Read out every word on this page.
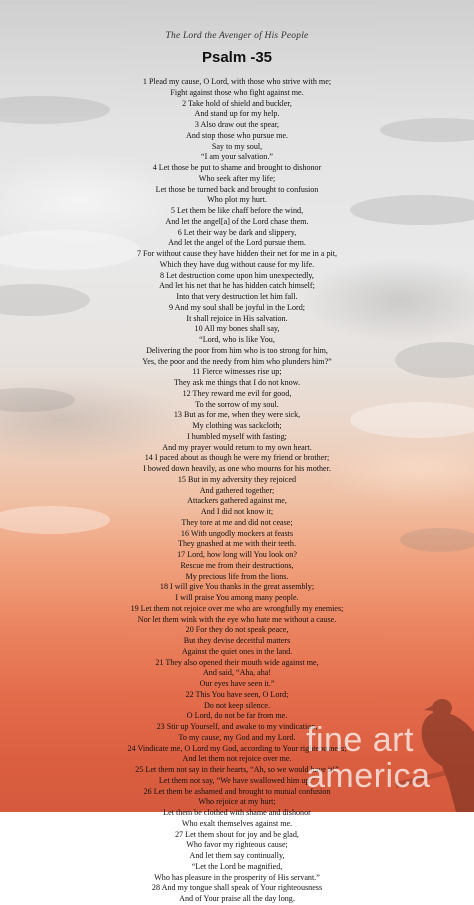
The Lord the Avenger of His People
Psalm -35
1 Plead my cause, O Lord, with those who strive with me;
Fight against those who fight against me.
2 Take hold of shield and buckler,
And stand up for my help.
3 Also draw out the spear,
And stop those who pursue me.
Say to my soul,
“I am your salvation.”
4 Let those be put to shame and brought to dishonor
Who seek after my life;
Let those be turned back and brought to confusion
Who plot my hurt.
5 Let them be like chaff before the wind,
And let the angel[a] of the Lord chase them.
6 Let their way be dark and slippery,
And let the angel of the Lord pursue them.
7 For without cause they have hidden their net for me in a pit,
Which they have dug without cause for my life.
8 Let destruction come upon him unexpectedly,
And let his net that he has hidden catch himself;
Into that very destruction let him fall.
9 And my soul shall be joyful in the Lord;
It shall rejoice in His salvation.
10 All my bones shall say,
“Lord, who is like You,
Delivering the poor from him who is too strong for him,
Yes, the poor and the needy from him who plunders him?”
11 Fierce witnesses rise up;
They ask me things that I do not know.
12 They reward me evil for good,
To the sorrow of my soul.
13 But as for me, when they were sick,
My clothing was sackcloth;
I humbled myself with fasting;
And my prayer would return to my own heart.
14 I paced about as though he were my friend or brother;
I bowed down heavily, as one who mourns for his mother.
15 But in my adversity they rejoiced
And gathered together;
Attackers gathered against me,
And I did not know it;
They tore at me and did not cease;
16 With ungodly mockers at feasts
They gnashed at me with their teeth.
17 Lord, how long will You look on?
Rescue me from their destructions,
My precious life from the lions.
18 I will give You thanks in the great assembly;
I will praise You among many people.
19 Let them not rejoice over me who are wrongfully my enemies;
Nor let them wink with the eye who hate me without a cause.
20 For they do not speak peace,
But they devise deceitful matters
Against the quiet ones in the land.
21 They also opened their mouth wide against me,
And said, “Aha, aha!
Our eyes have seen it.”
22 This You have seen, O Lord;
Do not keep silence.
O Lord, do not be far from me.
23 Stir up Yourself, and awake to my vindication,
To my cause, my God and my Lord.
24 Vindicate me, O Lord my God, according to Your righteousness;
And let them not rejoice over me.
25 Let them not say in their hearts, “Ah, so we would have it!”
Let them not say, “We have swallowed him up.”
26 Let them be ashamed and brought to mutual confusion
Who rejoice at my hurt;
Let them be clothed with shame and dishonor
Who exalt themselves against me.
27 Let them shout for joy and be glad,
Who favor my righteous cause;
And let them say continually,
“Let the Lord be magnified,
Who has pleasure in the prosperity of His servant.”
28 And my tongue shall speak of Your righteousness
And of Your praise all the day long.
fine art
america
